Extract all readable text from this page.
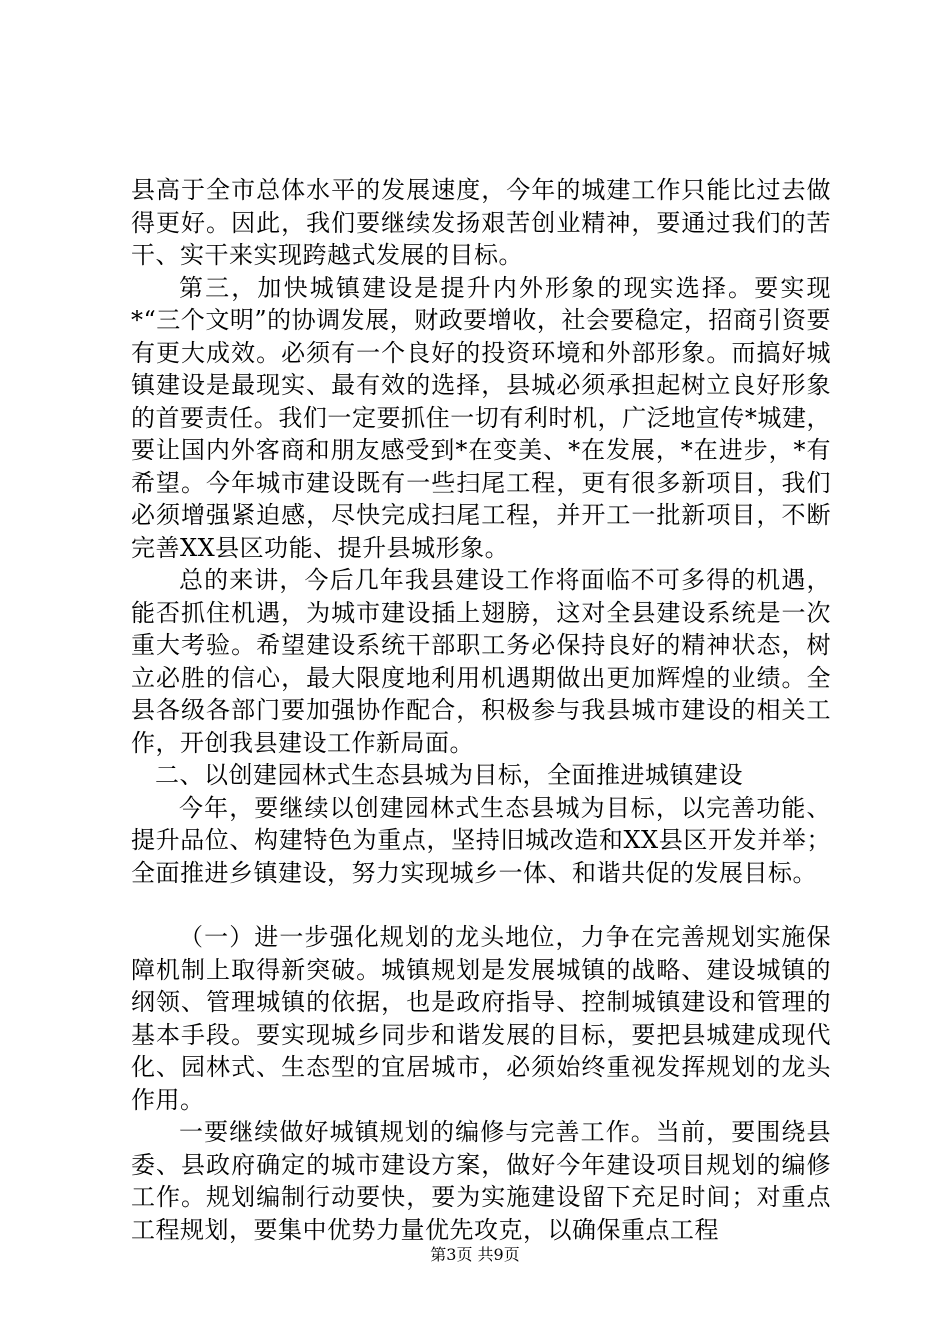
县高于全市总体水平的发展速度，今年的城建工作只能比过去做得更好。因此，我们要继续发扬艰苦创业精神，要通过我们的苦干、实干来实现跨越式发展的目标。

第三，加快城镇建设是提升内外形象的现实选择。要实现*“三个文明”的协调发展，财政要增收，社会要稳定，招商引资要有更大成效。必须有一个良好的投资环境和外部形象。而搞好城镇建设是最现实、最有效的选择，县城必须承担起树立良好形象的首要责任。我们一定要抓住一切有利时机，广泛地宣传*城建，要让国内外客商和朋友感受到*在变美、*在发展，*在进步，*有希望。今年城市建设既有一些扫尾工程，更有很多新项目，我们必须增强紧迫感，尽快完成扫尾工程，并开工一批新项目，不断完善XX县区功能、提升县城形象。

总的来讲，今后几年我县建设工作将面临不可多得的机遇，能否抓住机遇，为城市建设插上翅膀，这对全县建设系统是一次重大考验。希望建设系统干部职工务必保持良好的精神状态，树立必胜的信心，最大限度地利用机遇期做出更加辉煌的业绩。全县各级各部门要加强协作配合，积极参与我县城市建设的相关工作，开创我县建设工作新局面。

二、以创建园林式生态县城为目标，全面推进城镇建设

今年，要继续以创建园林式生态县城为目标，以完善功能、提升品位、构建特色为重点，坚持旧城改造和XX县区开发并举；全面推进乡镇建设，努力实现城乡一体、和谐共促的发展目标。

（一）进一步强化规划的龙头地位，力争在完善规划实施保障机制上取得新突破。城镇规划是发展城镇的战略、建设城镇的纲领、管理城镇的依据，也是政府指导、控制城镇建设和管理的基本手段。要实现城乡同步和谐发展的目标，要把县城建成现代化、园林式、生态型的宜居城市，必须始终重视发挥规划的龙头作用。

一要继续做好城镇规划的编修与完善工作。当前，要围绕县委、县政府确定的城市建设方案，做好今年建设项目规划的编修工作。规划编制行动要快，要为实施建设留下充足时间；对重点工程规划，要集中优势力量优先攻克，以确保重点工程

第3页 共9页
